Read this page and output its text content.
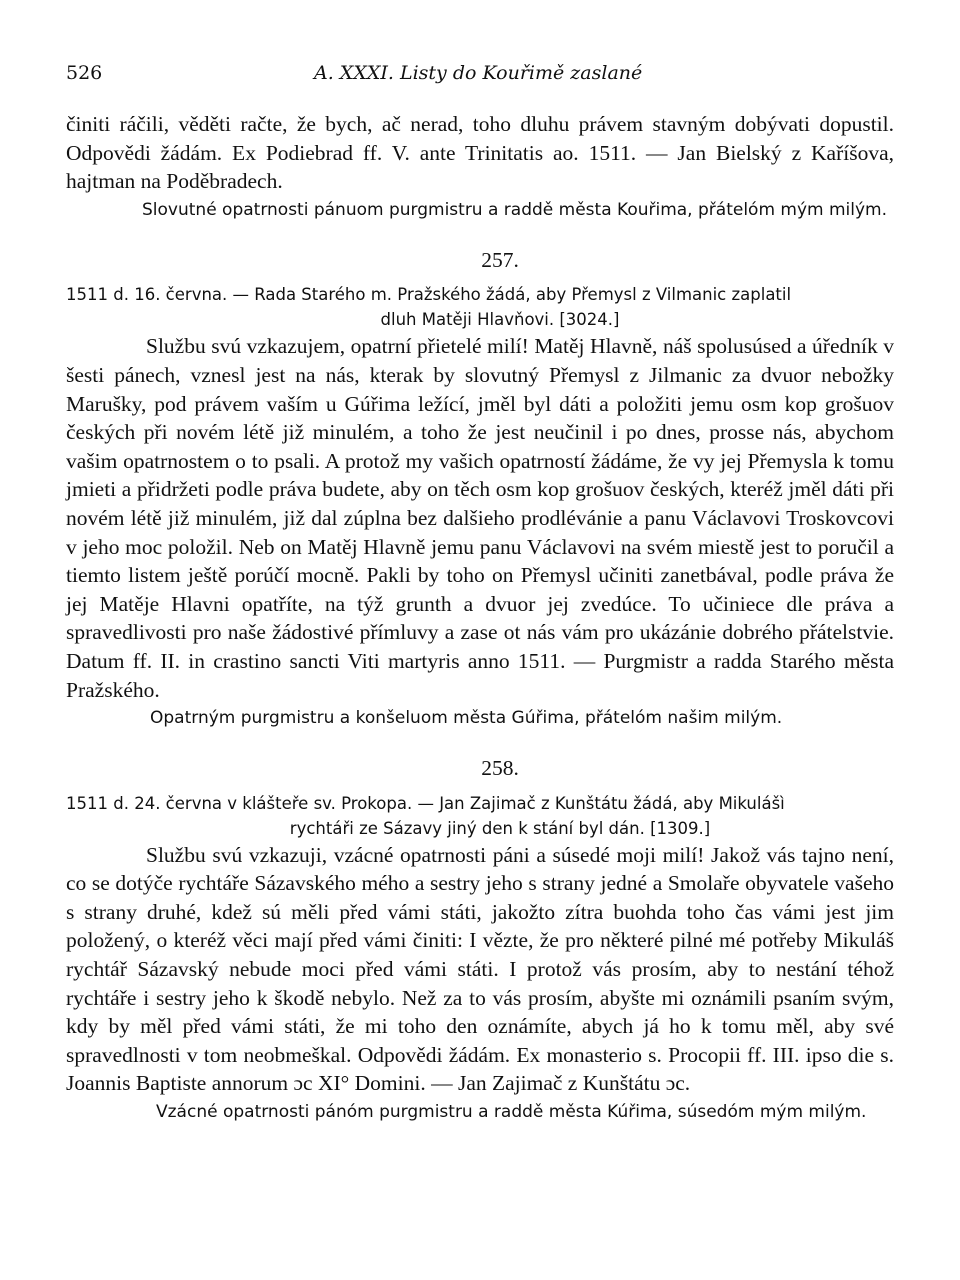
526	A. XXXI. Listy do Kouřimě zaslané

činiti ráčili, věděti račte, že bych, ač nerad, toho dluhu právem stavným dobývati dopustil. Odpovědi žádám. Ex Podiebrad ff. V. ante Trinitatis ao. 1511. — Jan Bielský z Kaříšova, hajtman na Poděbradech.

Slovutné opatrnosti pánuom purgmistru a raddě města Kouřima, přátelóm mým milým.

257.
1511 d. 16. června. — Rada Starého m. Pražského žádá, aby Přemysl z Vilmanic zaplatil
dluh Matěji Hlavňovi. [3024.]

Službu svú vzkazujem, opatrní přietelé milí! Matěj Hlavně, náš spolusúsed a úředník v šesti pánech, vznesl jest na nás, kterak by slovutný Přemysl z Jilmanic za dvuor nebožky Marušky, pod právem vaším u Gúřima ležící, jměl byl dáti a položiti jemu osm kop grošuov českých při novém létě již minulém, a toho že jest neučinil i po dnes, prosse nás, abychom vašim opatrnostem o to psali. A protož my vašich opatrností žádáme, že vy jej Přemysla k tomu jmieti a přidržeti podle práva budete, aby on těch osm kop grošuov českých, kteréž jměl dáti při novém létě již minulém, již dal zúplna bez dalšieho prodlévánie a panu Václavovi Troskovcovi v jeho moc položil. Neb on Matěj Hlavně jemu panu Václavovi na svém miestě jest to poručil a tiemto listem ještě porúčí mocně. Pakli by toho on Přemysl učiniti zanetbával, podle práva že jej Matěje Hlavni opatříte, na týž grunth a dvuor jej zvedúce. To učiniece dle práva a spravedlivosti pro naše žádostivé přímluvy a zase ot nás vám pro ukázánie dobrého přátelstvie. Datum ff. II. in crastino sancti Viti martyris anno 1511. — Purgmistr a radda Starého města Pražského.

Opatrným purgmistru a konšeluom města Gúřima, přátelóm našim milým.

258.
1511 d. 24. června v klášteře sv. Prokopa. — Jan Zajimač z Kunštátu žádá, aby Mikulášì
rychtáři ze Sázavy jiný den k stání byl dán. [1309.]

Službu svú vzkazuji, vzácné opatrnosti páni a súsedé moji milí! Jakož vás tajno není, co se dotýče rychtáře Sázavského mého a sestry jeho s strany jedné a Smolaře obyvatele vašeho s strany druhé, kdež sú měli před vámi státi, jakožto zítra buohda toho čas vámi jest jim položený, o kteréž věci mají před vámi činiti: I vězte, že pro některé pilné mé potřeby Mikuláš rychtář Sázavský nebude moci před vámi státi. I protož vás prosím, aby to nestání téhož rychtáře i sestry jeho k škodě nebylo. Než za to vás prosím, abyšte mi oznámili psaním svým, kdy by měl před vámi státi, že mi toho den oznámíte, abych já ho k tomu měl, aby své spravedlnosti v tom neobmeškal. Odpovědi žádám. Ex monasterio s. Procopii ff. III. ipso die s. Joannis Baptiste annorum ɔc XI° Domini. — Jan Zajimač z Kunštátu ɔc.

Vzácné opatrnosti pánóm purgmistru a raddě města Kúřima, súsedóm mým milým.
